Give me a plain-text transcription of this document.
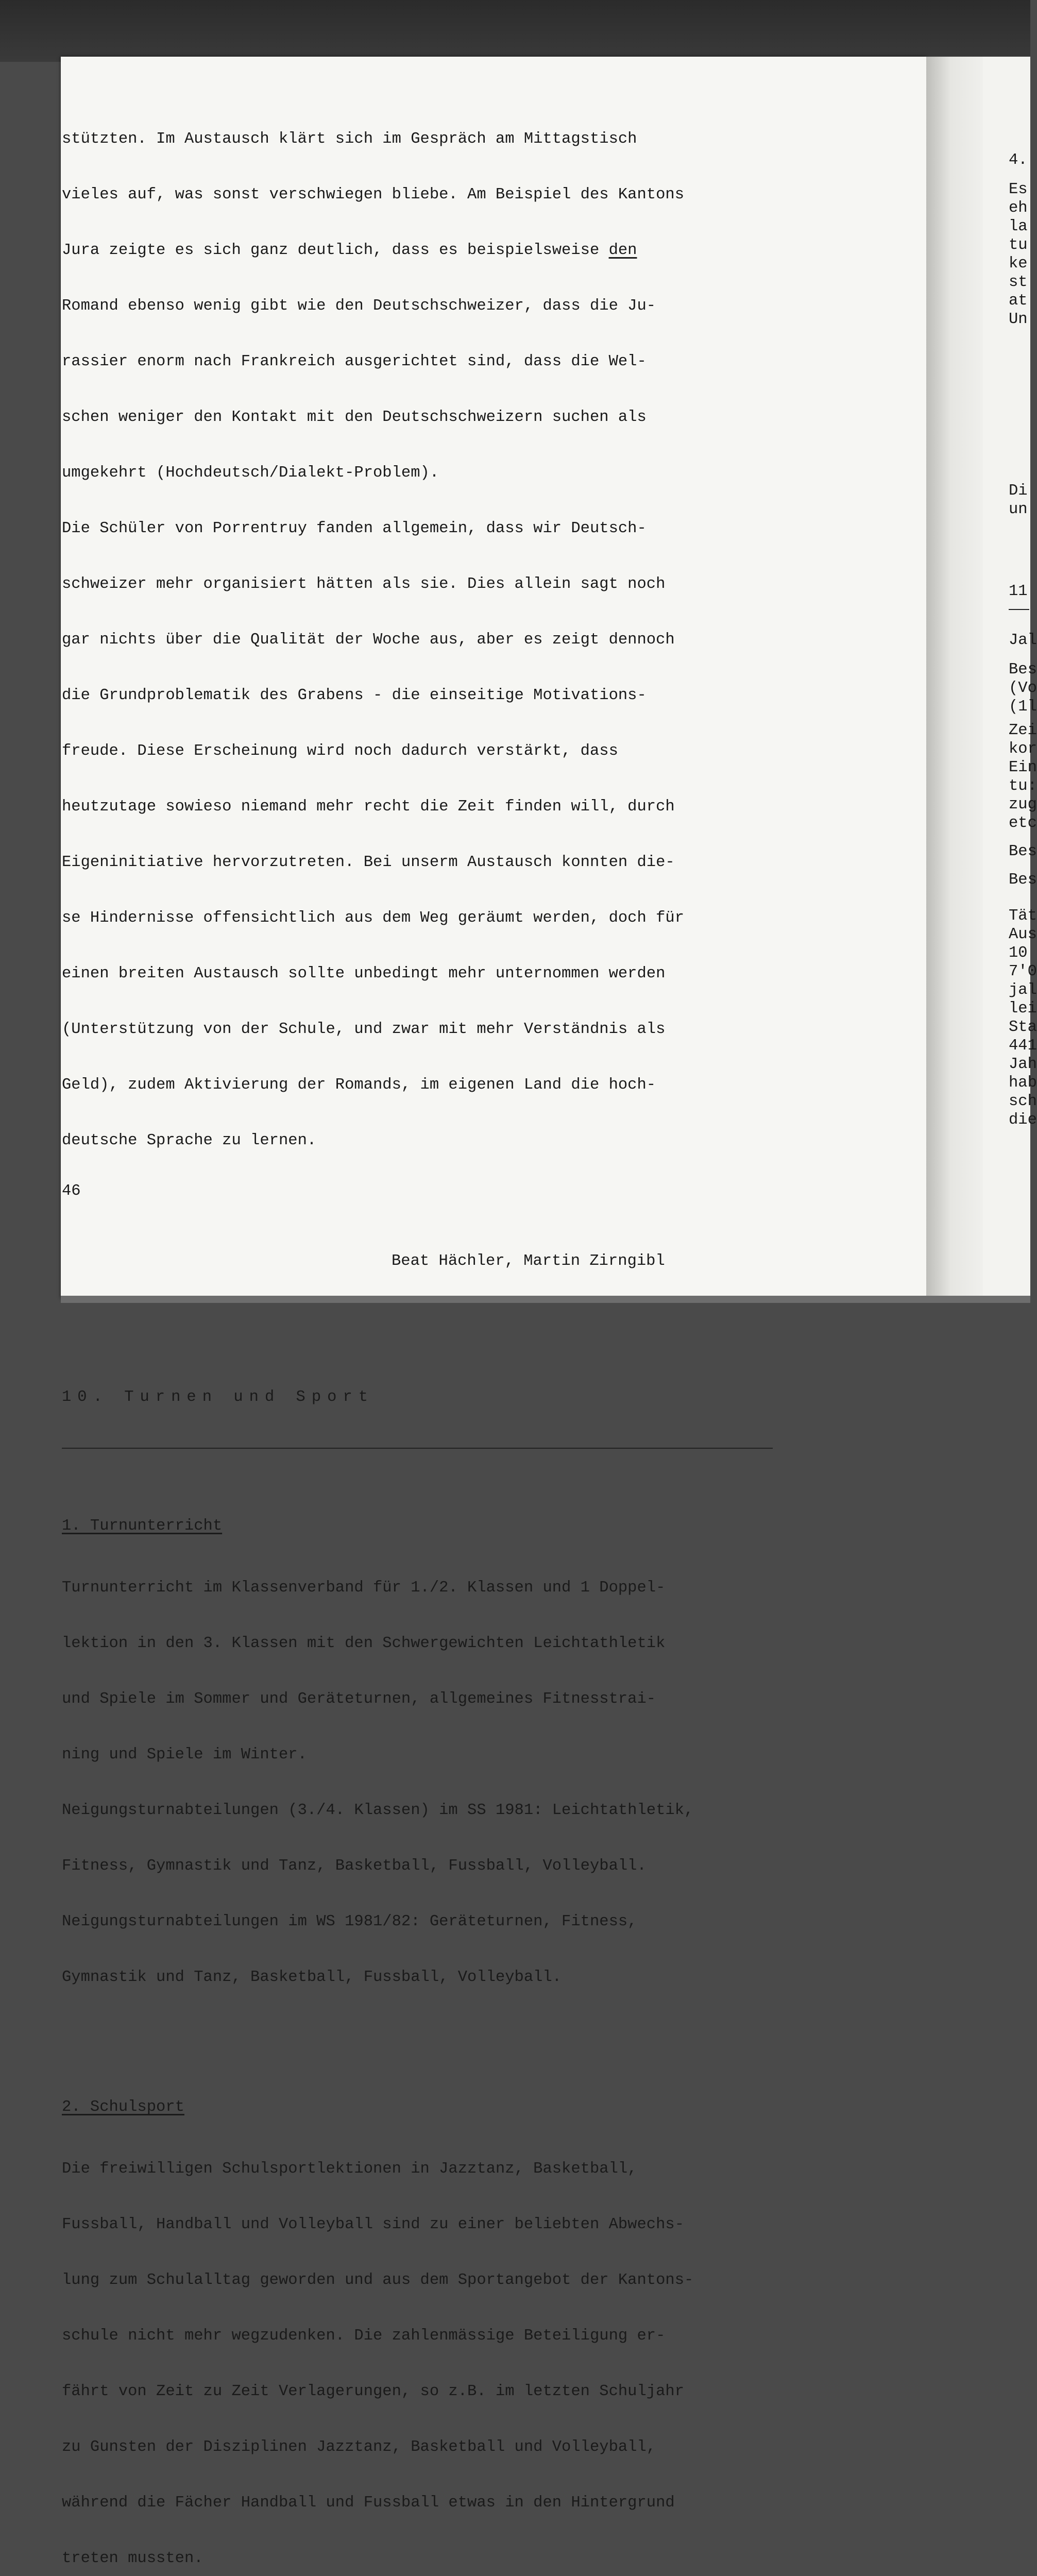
stützten. Im Austausch klärt sich im Gespräch am Mittagstisch

vieles auf, was sonst verschwiegen bliebe. Am Beispiel des Kantons

Jura zeigte es sich ganz deutlich, dass es beispielsweise den

Romand ebenso wenig gibt wie den Deutschschweizer, dass die Ju-

rassier enorm nach Frankreich ausgerichtet sind, dass die Wel-

schen weniger den Kontakt mit den Deutschschweizern suchen als

umgekehrt (Hochdeutsch/Dialekt-Problem).

Die Schüler von Porrentruy fanden allgemein, dass wir Deutsch-

schweizer mehr organisiert hätten als sie. Dies allein sagt noch

gar nichts über die Qualität der Woche aus, aber es zeigt dennoch

die Grundproblematik des Grabens - die einseitige Motivations-

freude. Diese Erscheinung wird noch dadurch verstärkt, dass

heutzutage sowieso niemand mehr recht die Zeit finden will, durch

Eigeninitiative hervorzutreten. Bei unserm Austausch konnten die-

se Hindernisse offensichtlich aus dem Weg geräumt werden, doch für

einen breiten Austausch sollte unbedingt mehr unternommen werden

(Unterstützung von der Schule, und zwar mit mehr Verständnis als

Geld), zudem Aktivierung der Romands, im eigenen Land die hoch-

deutsche Sprache zu lernen.

Beat Hächler, Martin Zirngibl

10. Turnen und Sport

1. Turnunterricht

Turnunterricht im Klassenverband für 1./2. Klassen und 1 Doppel-

lektion in den 3. Klassen mit den Schwergewichten Leichtathletik

und Spiele im Sommer und Geräteturnen, allgemeines Fitnesstrai-

ning und Spiele im Winter.

Neigungsturnabteilungen (3./4. Klassen) im SS 1981: Leichtathletik,

Fitness, Gymnastik und Tanz, Basketball, Fussball, Volleyball.

Neigungsturnabteilungen im WS 1981/82: Geräteturnen, Fitness,

Gymnastik und Tanz, Basketball, Fussball, Volleyball.

2. Schulsport

Die freiwilligen Schulsportlektionen in Jazztanz, Basketball,

Fussball, Handball und Volleyball sind zu einer beliebten Abwechs-

lung zum Schulalltag geworden und aus dem Sportangebot der Kantons-

schule nicht mehr wegzudenken. Die zahlenmässige Beteiligung er-

fährt von Zeit zu Zeit Verlagerungen, so z.B. im letzten Schuljahr

zu Gunsten der Disziplinen Jazztanz, Basketball und Volleyball,

während die Fächer Handball und Fussball etwas in den Hintergrund

treten mussten.

46

4.

Es

eh

la

tu

ke

st

at

Un

Di

un

11

Jal

Bes

(Vo

(1l

Zei

kor

Ein

tu:

zug

etc

Bes

Bes

Tät

Aus

10

7'0

jal

lei

Sta

441

Jah

hab

sch

die
